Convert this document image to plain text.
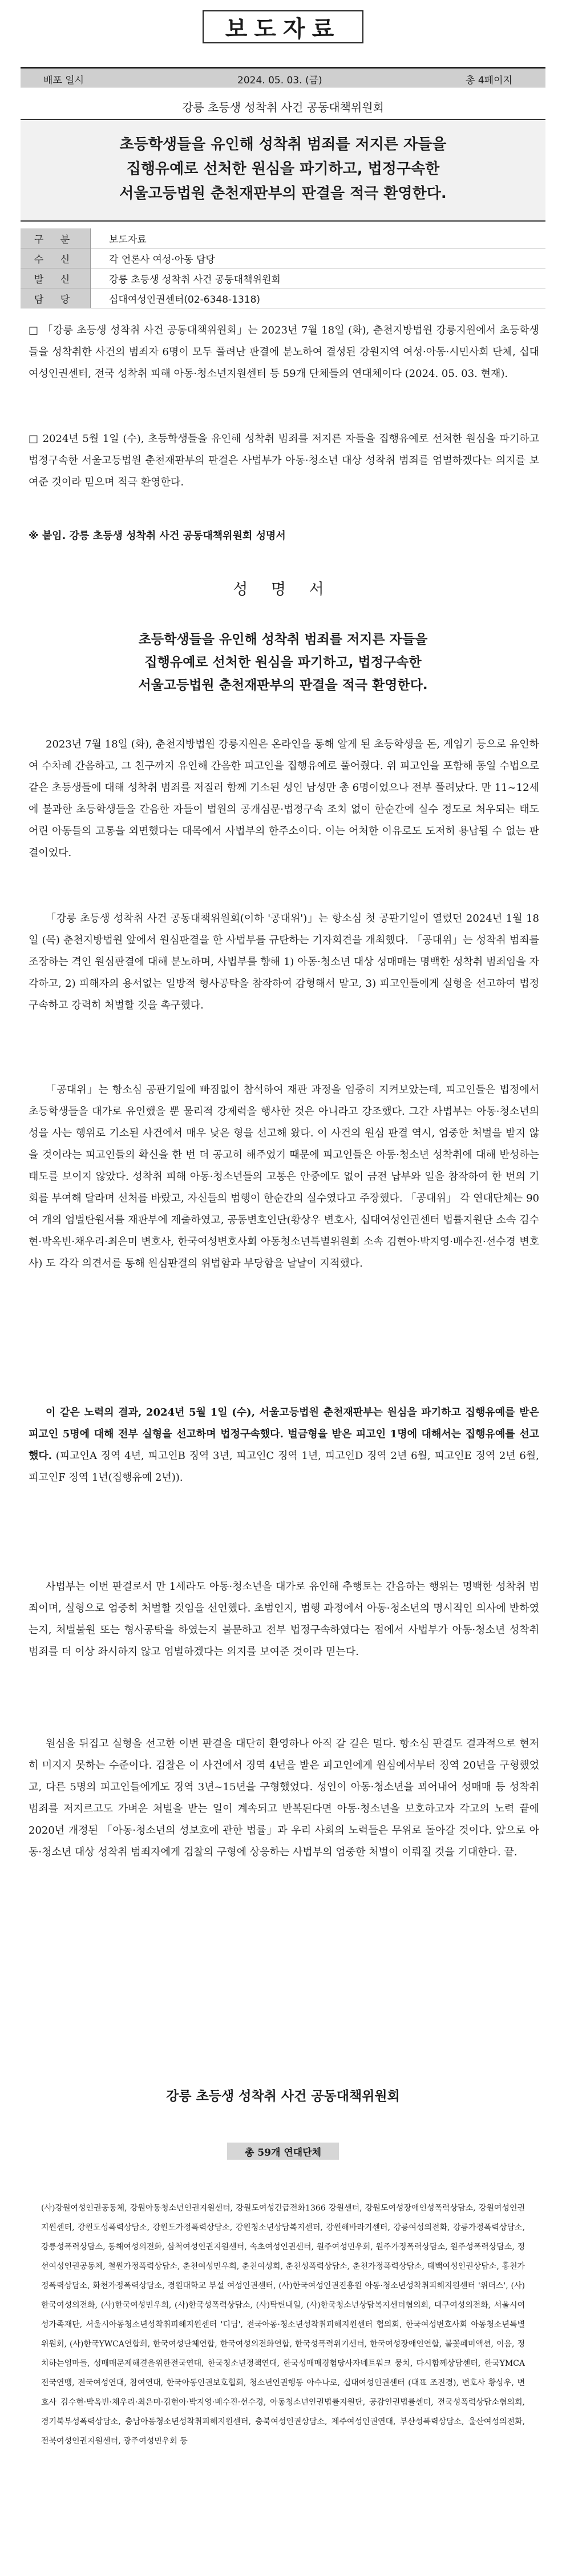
보도자료
배포 일시	2024. 05. 03. (금)	총 4페이지
강릉 초등생 성착취 사건 공동대책위원회
초등학생들을 유인해 성착취 범죄를 저지른 자들을
집행유예로 선처한 원심을 파기하고, 법정구속한
서울고등법원 춘천재판부의 판결을 적극 환영한다.
구 분	보도자료
수 신	각 언론사 여성·아동 담당
발 신	강릉 초등생 성착취 사건 공동대책위원회
담 당	십대여성인권센터(02-6348-1318)
□ 「강릉 초등생 성착취 사건 공동대책위원회」는 2023년 7월 18일 (화), 춘천지방법원 강릉지원에서 초등학생들을 성착취한 사건의 범죄자 6명이 모두 풀려난 판결에 분노하여 결성된 강원지역 여성·아동·시민사회 단체, 십대여성인권센터, 전국 성착취 피해 아동·청소년지원센터 등 59개 단체들의 연대체이다 (2024. 05. 03. 현재).
□ 2024년 5월 1일 (수), 초등학생들을 유인해 성착취 범죄를 저지른 자들을 집행유예로 선처한 원심을 파기하고 법정구속한 서울고등법원 춘천재판부의 판결은 사법부가 아동·청소년 대상 성착취 범죄를 엄벌하겠다는 의지를 보여준 것이라 믿으며 적극 환영한다.
※ 붙임. 강릉 초등생 성착취 사건 공동대책위원회 성명서
성 명 서
초등학생들을 유인해 성착취 범죄를 저지른 자들을
집행유예로 선처한 원심을 파기하고, 법정구속한
서울고등법원 춘천재판부의 판결을 적극 환영한다.
2023년 7월 18일 (화), 춘천지방법원 강릉지원은 온라인을 통해 알게 된 초등학생을 돈, 게임기 등으로 유인하여 수차례 간음하고, 그 친구까지 유인해 간음한 피고인을 집행유예로 풀어줬다. 위 피고인을 포함해 동일 수법으로 같은 초등생들에 대해 성착취 범죄를 저질러 함께 기소된 성인 남성만 총 6명이었으나 전부 풀려났다. 만 11~12세에 불과한 초등학생들을 간음한 자들이 법원의 공개심문·법정구속 조치 없이 한순간에 실수 정도로 처우되는 태도 어린 아동들의 고통을 외면했다는 대목에서 사법부의 한주소이다. 이는 어처한 이유로도 도저히 용납될 수 없는 판결이었다.
「강릉 초등생 성착취 사건 공동대책위원회(이하 '공대위')」는 항소심 첫 공판기일이 열렸던 2024년 1월 18일 (목) 춘천지방법원 앞에서 원심판결을 한 사법부를 규탄하는 기자회견을 개최했다. 「공대위」는 성착취 범죄를 조장하는 격인 원심판결에 대해 분노하며, 사법부를 향해 1) 아동·청소년 대상 성매매는 명백한 성착취 범죄임을 자각하고, 2) 피해자의 용서없는 일방적 형사공탁을 참작하여 감형해서 말고, 3) 피고인들에게 실형을 선고하여 법정구속하고 강력히 처벌할 것을 촉구했다.
「공대위」는 항소심 공판기일에 빠짐없이 참석하여 재판 과정을 엄중히 지켜보았는데, 피고인들은 법정에서 초등학생들을 대가로 유인했을 뿐 물리적 강제력을 행사한 것은 아니라고 강조했다. 그간 사법부는 아동·청소년의 성을 사는 행위로 기소된 사건에서 매우 낮은 형을 선고해 왔다. 이 사건의 원심 판결 역시, 엄중한 처벌을 받지 않을 것이라는 피고인들의 확신을 한 번 더 공고히 해주었기 때문에 피고인들은 아동·청소년 성착취에 대해 반성하는 태도를 보이지 않았다. 성착취 피해 아동·청소년들의 고통은 안중에도 없이 금전 납부와 일을 참작하여 한 번의 기회를 부여해 달라며 선처를 바랐고, 자신들의 범행이 한순간의 실수였다고 주장했다. 「공대위」 각 연대단체는 90여 개의 엄벌탄원서를 재판부에 제출하였고, 공동변호인단(황상우 변호사, 십대여성인권센터 법률지원단 소속 김수현·박옥빈·채우리·최은미 변호사, 한국여성변호사회 아동청소년특별위원회 소속 김현아·박지영·배수진·선수경 변호사) 도 각각 의견서를 통해 원심판결의 위법함과 부당함을 날날이 지적했다.
이 같은 노력의 결과, 2024년 5월 1일 (수), 서울고등법원 춘천재판부는 원심을 파기하고 집행유예를 받은 피고인 5명에 대해 전부 실형을 선고하며 법정구속했다. 벌금형을 받은 피고인 1명에 대해서는 집행유예를 선고했다. (피고인A 징역 4년, 피고인B 징역 3년, 피고인C 징역 1년, 피고인D 징역 2년 6월, 피고인E 징역 2년 6월, 피고인F 징역 1년(집행유예 2년)).
사법부는 이번 판결로서 만 1세라도 아동·청소년을 대가로 유인해 추행토는 간음하는 행위는 명백한 성착취 범죄이며, 실형으로 엄중히 처벌할 것임을 선언했다. 초범인지, 범행 과정에서 아동·청소년의 명시적인 의사에 반하였는지, 처벌불원 또는 형사공탁을 하였는지 불문하고 전부 법정구속하였다는 점에서 사법부가 아동·청소년 성착취 범죄를 더 이상 좌시하지 않고 엄벌하겠다는 의지를 보여준 것이라 믿는다.
원심을 뒤집고 실형을 선고한 이번 판결을 대단히 환영하나 아직 갈 길은 멀다. 항소심 판결도 결과적으로 현저히 미지지 못하는 수준이다. 검찰은 이 사건에서 징역 4년을 받은 피고인에게 원심에서부터 징역 20년을 구형했었고, 다른 5명의 피고인들에게도 징역 3년~15년을 구형했었다. 성인이 아동·청소년을 꾀어내어 성매매 등 성착취 범죄를 저지르고도 가벼운 처벌을 받는 일이 계속되고 반복된다면 아동·청소년을 보호하고자 각고의 노력 끝에 2020년 개정된 「아동·청소년의 성보호에 관한 법률」과 우리 사회의 노력들은 무위로 돌아갈 것이다. 앞으로 아동·청소년 대상 성착취 범죄자에게 검찰의 구형에 상응하는 사법부의 엄중한 처벌이 이뤄질 것을 기대한다. 끝.
강릉 초등생 성착취 사건 공동대책위원회
총 59개 연대단체
(사)강원여성인권공동체, 강원아동청소년인권지원센터, 강원도여성긴급전화1366 강원센터, 강원도여성장애인성폭력상담소, 강원여성인권지원센터, 강원도성폭력상담소, 강원도가정폭력상담소, 강원청소년상담복지센터, 강원해바라기센터, 강릉여성의전화, 강릉가정폭력상담소, 강릉성폭력상담소, 동해여성의전화, 삼척여성인권지원센터, 속초여성인권센터, 원주여성민우회, 원주가정폭력상담소, 원주성폭력상담소, 정선여성인권공동체, 철원가정폭력상담소, 춘천여성민우회, 춘천여성회, 춘천성폭력상담소, 춘천가정폭력상담소, 태백여성인권상담소, 홍천가정폭력상담소, 화천가정폭력상담소, 경원대학교 부설 여성인권센터, (사)한국여성인권진흥원 아동·청소년성착취피해지원센터 '위더스', (사)한국여성의전화, (사)한국여성민우회, (사)한국성폭력상담소, (사)탁틴내일, (사)한국청소년상담복지센터협의회, 대구여성의전화, 서울시여성가족재단, 서울시아동청소년성착취피해지원센터 '디딤', 전국아동·청소년성착취피해지원센터 협의회, 한국여성변호사회 아동청소년특별위원회, (사)한국YWCA연합회, 한국여성단체연합, 한국여성의전화연합, 한국성폭력위기센터, 한국여성장애인연합, 불꽃페미액션, 이음, 정치하는엄마들, 성매매문제해결을위한전국연대, 한국청소년정책연대, 한국성매매경험당사자네트워크 뭉치, 다시함께상담센터, 한국YMCA전국연맹, 전국여성연대, 참여연대, 한국아동인권보호협회, 청소년인권행동 아수나로, 십대여성인권센터 (대표 조진경), 변호사 황상우, 변호사 김수현·박옥빈·채우리·최은미·김현아·박지영·배수진·선수경, 아동청소년인권법률지원단, 공감인권법률센터, 전국성폭력상담소협의회, 경기북부성폭력상담소, 충남아동청소년성착취피해지원센터, 충북여성인권상담소, 제주여성인권연대, 부산성폭력상담소, 울산여성의전화, 전북여성인권지원센터, 광주여성민우회 등
